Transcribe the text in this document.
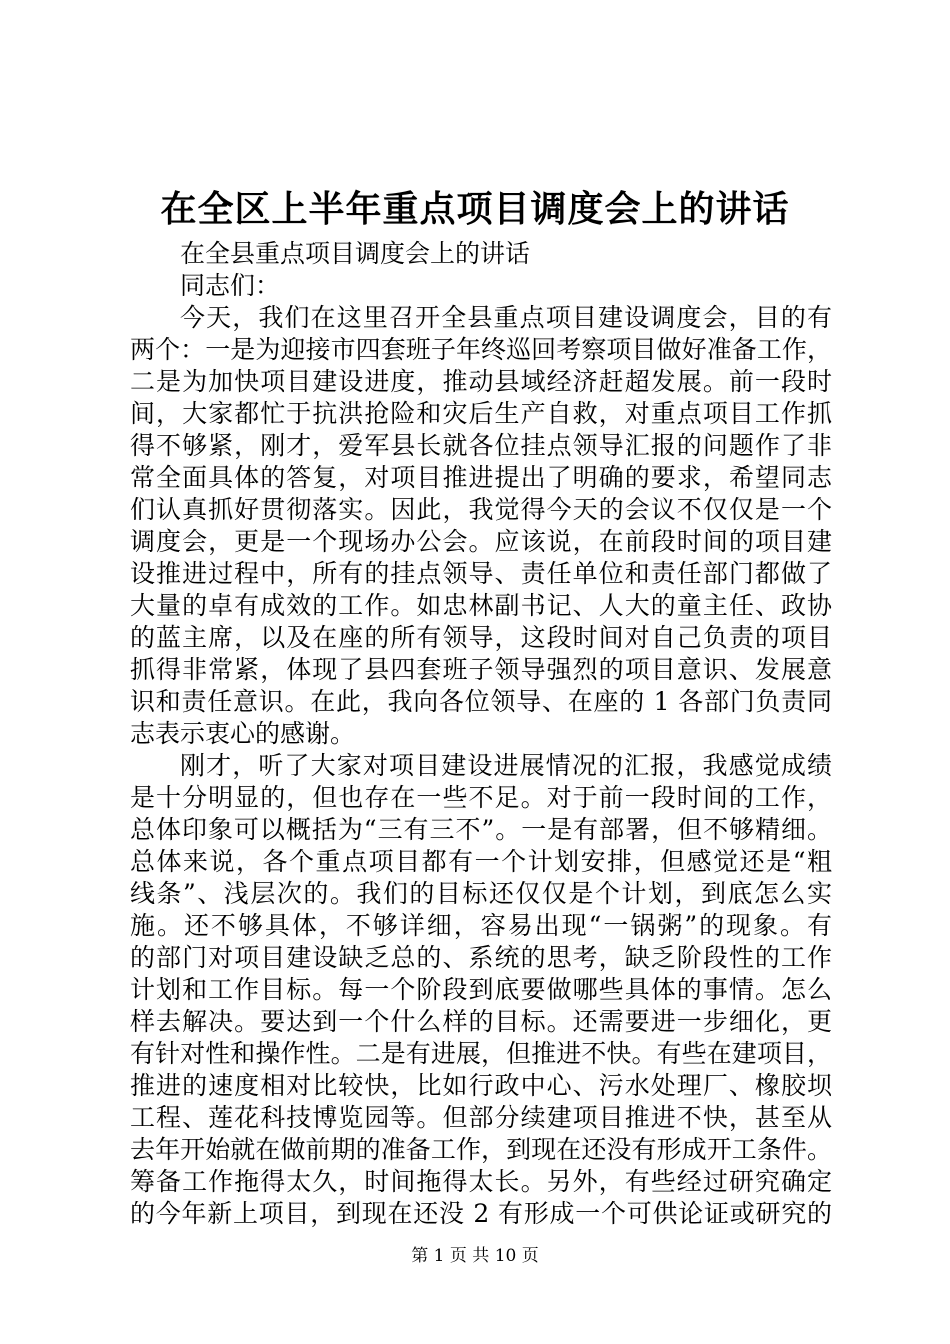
在全区上半年重点项目调度会上的讲话
在全县重点项目调度会上的讲话
同志们：
今天，我们在这里召开全县重点项目建设调度会，目的有
两个：一是为迎接市四套班子年终巡回考察项目做好准备工作，
二是为加快项目建设进度，推动县域经济赶超发展。前一段时
间，大家都忙于抗洪抢险和灾后生产自救，对重点项目工作抓
得不够紧，刚才，爱军县长就各位挂点领导汇报的问题作了非
常全面具体的答复，对项目推进提出了明确的要求，希望同志
们认真抓好贯彻落实。因此，我觉得今天的会议不仅仅是一个
调度会，更是一个现场办公会。应该说，在前段时间的项目建
设推进过程中，所有的挂点领导、责任单位和责任部门都做了
大量的卓有成效的工作。如忠林副书记、人大的童主任、政协
的蓝主席，以及在座的所有领导，这段时间对自己负责的项目
抓得非常紧，体现了县四套班子领导强烈的项目意识、发展意
识和责任意识。在此，我向各位领导、在座的 1 各部门负责同
志表示衷心的感谢。
刚才，听了大家对项目建设进展情况的汇报，我感觉成绩
是十分明显的，但也存在一些不足。对于前一段时间的工作，
总体印象可以概括为“三有三不”。一是有部署，但不够精细。
总体来说，各个重点项目都有一个计划安排，但感觉还是“粗
线条”、浅层次的。我们的目标还仅仅是个计划，到底怎么实
施。还不够具体，不够详细，容易出现“一锅粥”的现象。有
的部门对项目建设缺乏总的、系统的思考，缺乏阶段性的工作
计划和工作目标。每一个阶段到底要做哪些具体的事情。怎么
样去解决。要达到一个什么样的目标。还需要进一步细化，更
有针对性和操作性。二是有进展，但推进不快。有些在建项目，
推进的速度相对比较快，比如行政中心、污水处理厂、橡胶坝
工程、莲花科技博览园等。但部分续建项目推进不快，甚至从
去年开始就在做前期的准备工作，到现在还没有形成开工条件。
筹备工作拖得太久，时间拖得太长。另外，有些经过研究确定
的今年新上项目，到现在还没 2 有形成一个可供论证或研究的
第 1 页 共 10 页
